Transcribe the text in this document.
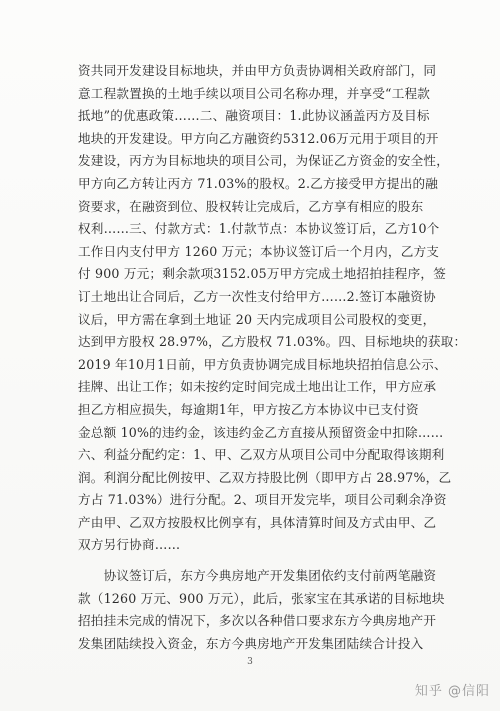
资共同开发建设目标地块，并由甲方负责协调相关政府部门，同
意工程款置换的土地手续以项目公司名称办理，并享受“工程款
抵地”的优惠政策……二、融资项目：1.此协议涵盖丙方及目标
地块的开发建设。甲方向乙方融资约5312.06万元用于项目的开
发建设，丙方为目标地块的项目公司，为保证乙方资金的安全性，
甲方向乙方转让丙方 71.03%的股权。2.乙方接受甲方提出的融
资要求，在融资到位、股权转让完成后，乙方享有相应的股东
权利……三、付款方式：1.付款节点：本协议签订后，乙方10个
工作日内支付甲方 1260 万元；本协议签订后一个月内，乙方支
付 900 万元；剩余款项3152.05万甲方完成土地招拍挂程序，签
订土地出让合同后，乙方一次性支付给甲方……2.签订本融资协
议后，甲方需在拿到土地证 20 天内完成项目公司股权的变更，
达到甲方股权 28.97%，乙方股权 71.03%。四、目标地块的获取：
2019 年10月1日前，甲方负责协调完成目标地块招拍信息公示、
挂牌、出让工作；如未按约定时间完成土地出让工作，甲方应承
担乙方相应损失，每逾期1年，甲方按乙方本协议中已支付资
金总额 10%的违约金，该违约金乙方直接从预留资金中扣除……
六、利益分配约定：1、甲、乙双方从项目公司中分配取得该期利
润。利润分配比例按甲、乙双方持股比例（即甲方占 28.97%，乙
方占 71.03%）进行分配。2、项目开发完毕，项目公司剩余净资
产由甲、乙双方按股权比例享有，具体清算时间及方式由甲、乙
双方另行协商……
　　协议签订后，东方今典房地产开发集团依约支付前两笔融资
款（1260 万元、900 万元），此后，张家宝在其承诺的目标地块
招拍挂未完成的情况下，多次以各种借口要求东方今典房地产开
发集团陆续投入资金，东方今典房地产开发集团陆续合计投入
3
知乎 @信阳
